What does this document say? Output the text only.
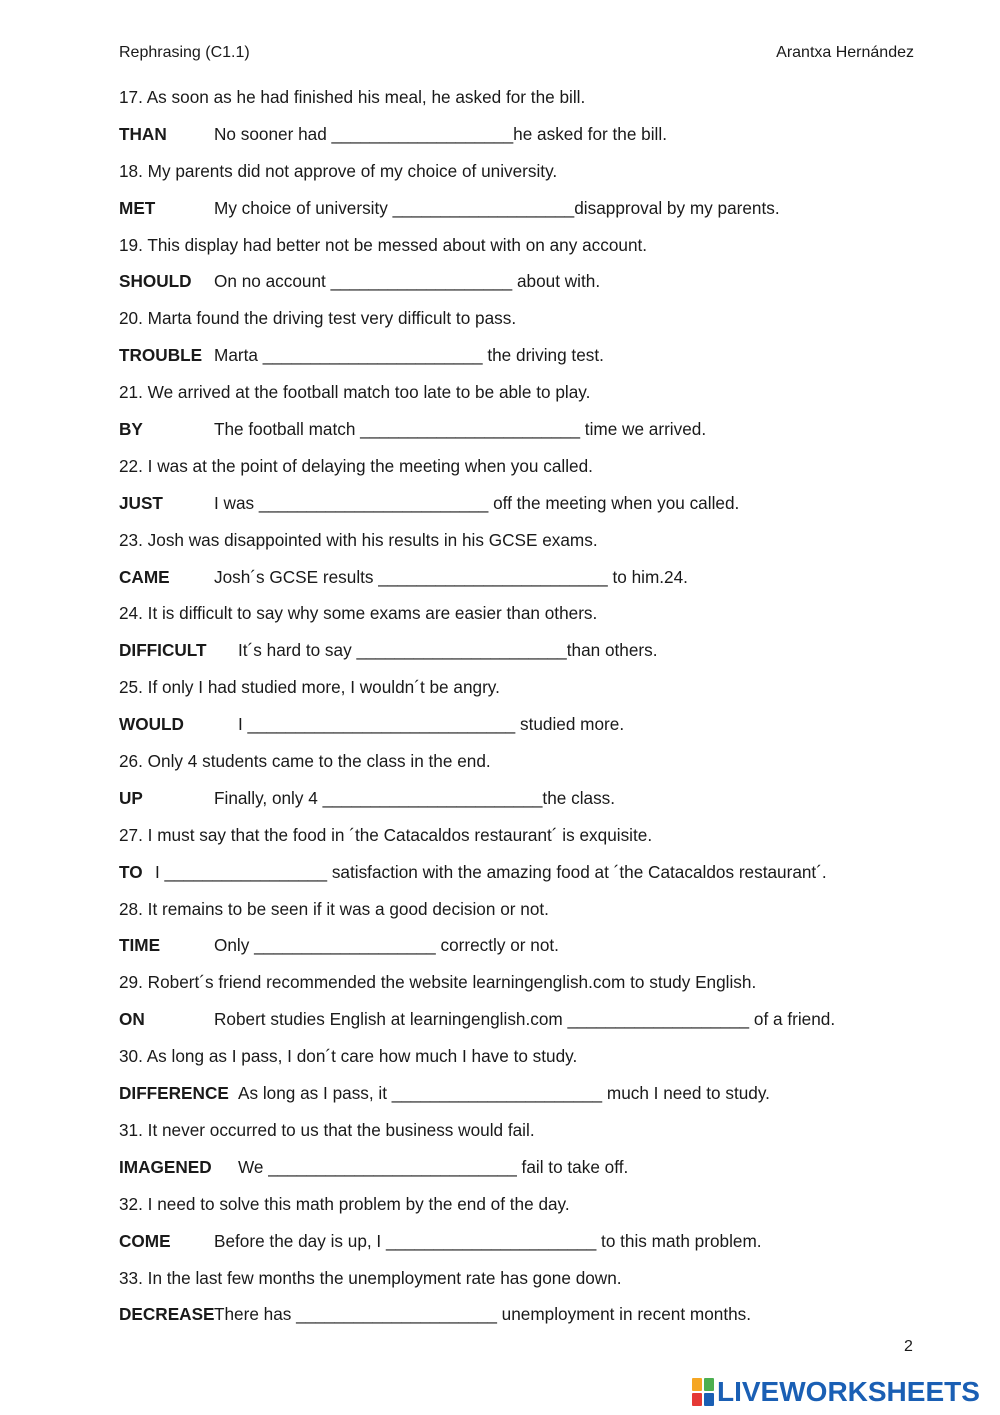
Rephrasing (C1.1)	Arantxa Hernández
17. As soon as he had finished his meal, he asked for the bill.
THAN	No sooner had ___________________he asked for the bill.
18. My parents did not approve of my choice of university.
MET	My choice of university ___________________disapproval by my parents.
19. This display had better not be messed about with on any account.
SHOULD On no account ___________________ about with.
20. Marta found the driving test very difficult to pass.
TROUBLE Marta _______________________ the driving test.
21. We arrived at the football match too late to be able to play.
BY	The football match _______________________ time we arrived.
22. I was at the point of delaying the meeting when you called.
JUST	I was ________________________ off the meeting when you called.
23. Josh was disappointed with his results in his GCSE exams.
CAME	Josh´s GCSE results ________________________ to him.24.
24. It is difficult to say why some exams are easier than others.
DIFFICULT It´s hard to say ______________________than others.
25. If only I had studied more, I wouldn´t be angry.
WOULD	I ____________________________ studied more.
26. Only 4 students came to the class in the end.
UP	Finally, only 4 _______________________the class.
27. I must say that the food in ´the Catacaldos restaurant´ is exquisite.
TO I _________________ satisfaction with the amazing food at ´the Catacaldos restaurant´.
28. It remains to be seen if it was a good decision or not.
TIME	Only ___________________ correctly or not.
29. Robert´s friend recommended the website learningenglish.com to study English.
ON	Robert studies English at learningenglish.com ___________________ of a friend.
30. As long as I pass, I don´t care how much I have to study.
DIFFERENCE As long as I pass, it ______________________ much I need to study.
31. It never occurred to us that the business would fail.
IMAGENED We __________________________ fail to take off.
32. I need to solve this math problem by the end of the day.
COME	Before the day is up, I ______________________ to this math problem.
33. In the last few months the unemployment rate has gone down.
DECREASE There has _____________________ unemployment in recent months.
2
LIVEWORKSHEETS
